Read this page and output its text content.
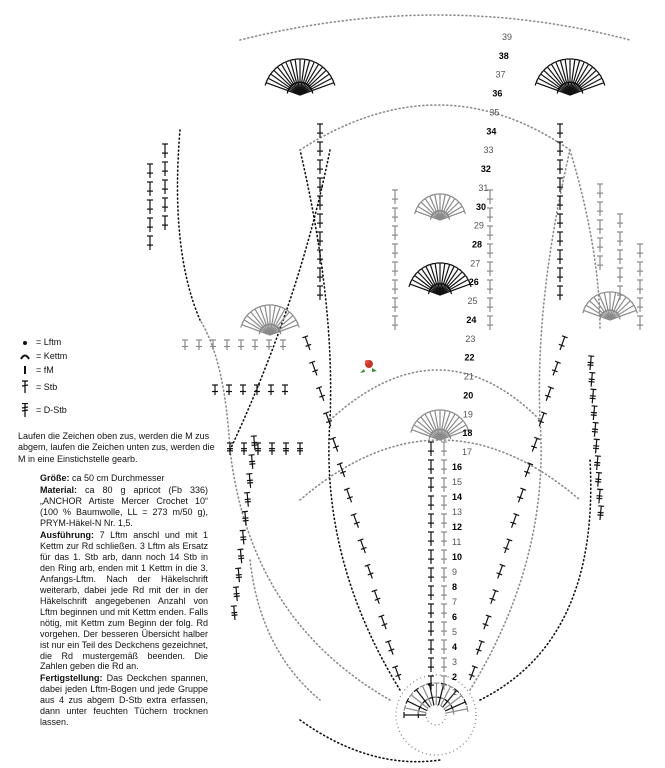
1
2
3
4
5
6
7
8
9
10
11
12
13
14
15
16
17
18
19
20
21
22
23
24
25
26
27
28
29
30
31
32
33
34
35
36
37
38
39
= Lftm
= Kettm
= fM
= Stb
= D-Stb
Laufen die Zeichen oben zus, werden die M zus abgem, laufen die Zeichen unten zus, werden die M in eine Einstichstelle gearb.

Größe: ca 50 cm Durchmesser

Material: ca 80 g apricot (Fb 336) „ANCHOR Artiste Mercer Crochet 10“ (100 % Baumwolle, LL = 273 m/50 g), PRYM-Häkel-N Nr. 1,5.

Ausführung: 7 Lftm anschl und mit 1 Kettm zur Rd schließen. 3 Lftm als Ersatz für das 1. Stb arb, dann noch 14 Stb in den Ring arb, enden mit 1 Kettm in die 3. Anfangs-Lftm. Nach der Häkelschrift weiterarb, dabei jede Rd mit der in der Häkelschrift angegebenen Anzahl von Lftm beginnen und mit Kettm enden. Falls nötig, mit Kettm zum Beginn der folg. Rd vorgehen. Der besseren Übersicht halber ist nur ein Teil des Deckchens gezeichnet, die Rd mustergemäß beenden. Die Zahlen geben die Rd an.

Fertigstellung: Das Deckchen spannen, dabei jeden Lftm-Bogen und jede Gruppe aus 4 zus abgem D-Stb extra erfassen, dann unter feuchten Tüchern trocknen lassen.
